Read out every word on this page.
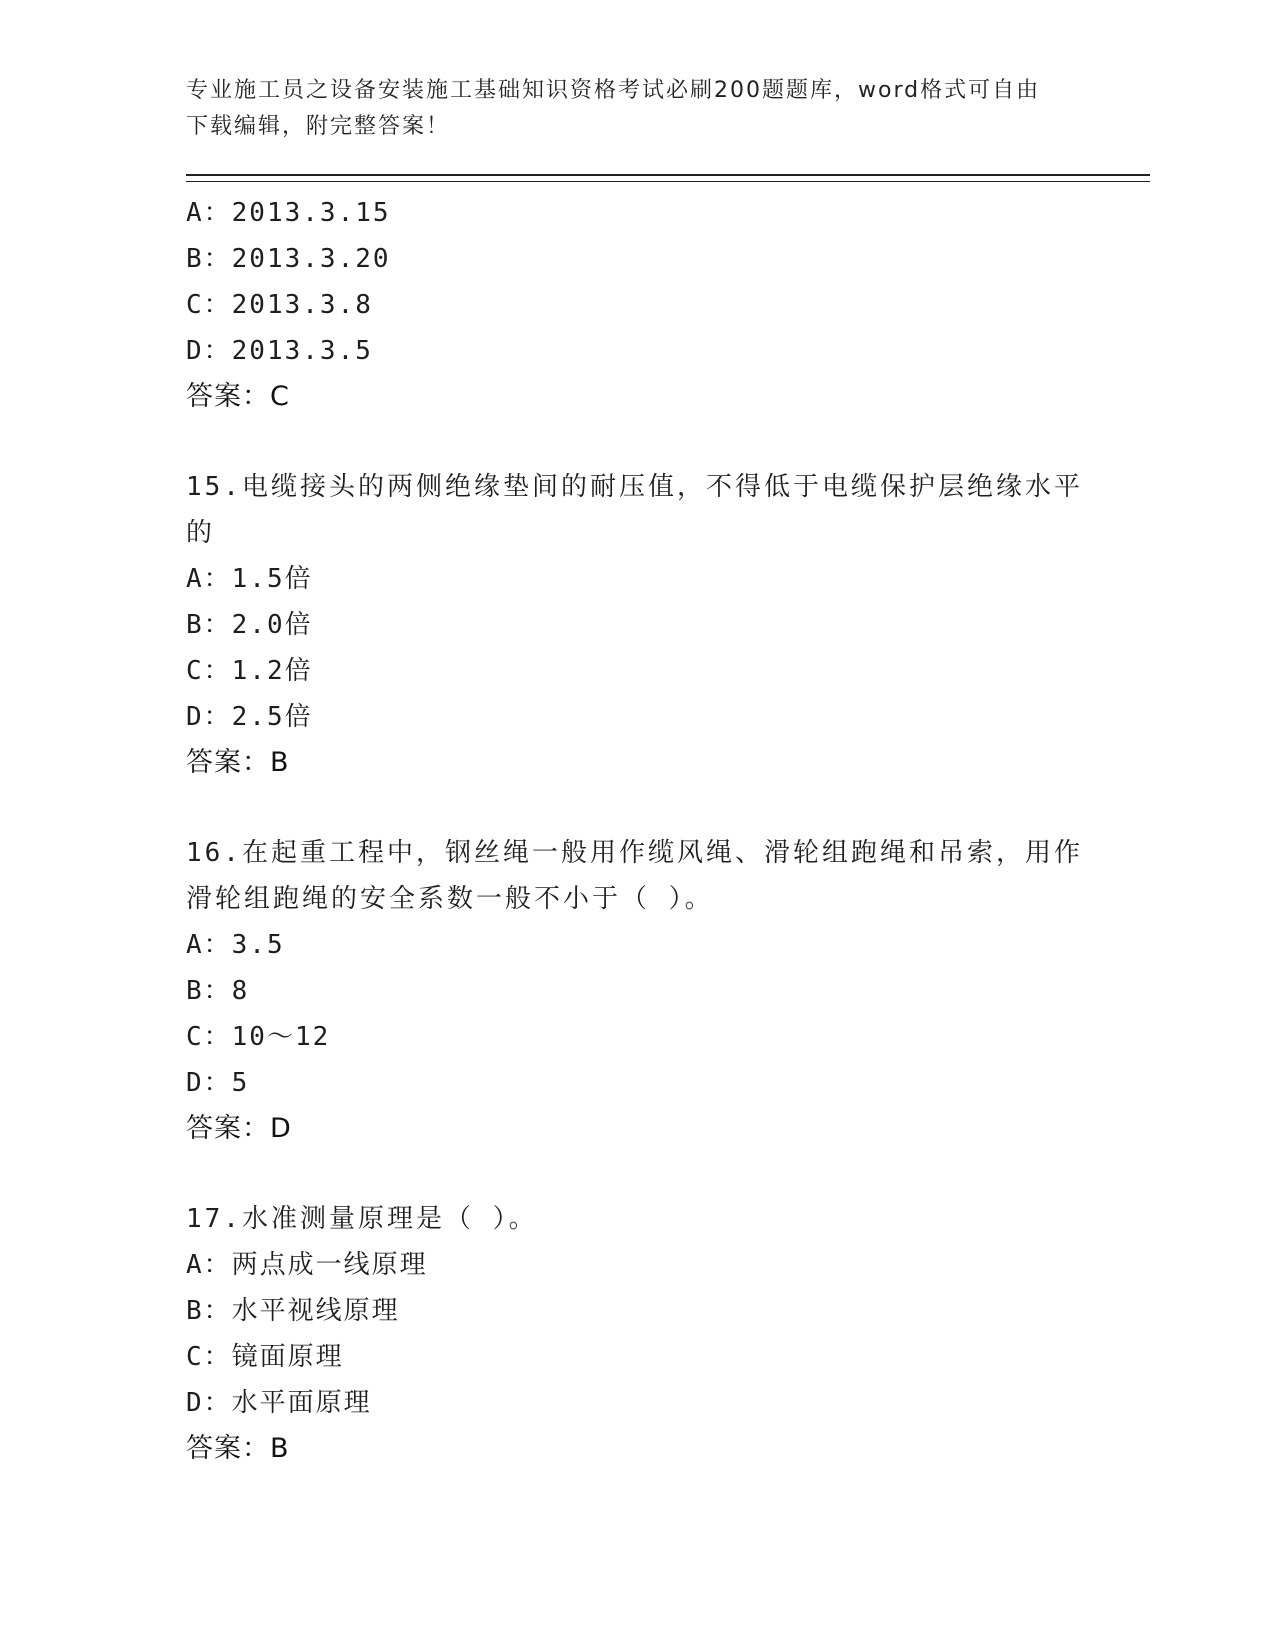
专业施工员之设备安装施工基础知识资格考试必刷200题题库，word格式可自由
下载编辑，附完整答案！
A：2013.3.15
B：2013.3.20
C：2013.3.8
D：2013.3.5
答案：C
15.电缆接头的两侧绝缘垫间的耐压值，不得低于电缆保护层绝缘水平
的
A：1.5倍
B：2.0倍
C：1.2倍
D：2.5倍
答案：B
16.在起重工程中，钢丝绳一般用作缆风绳、滑轮组跑绳和吊索，用作
滑轮组跑绳的安全系数一般不小于（ ）。
A：3.5
B：8
C：10～12
D：5
答案：D
17.水准测量原理是（ ）。
A：两点成一线原理
B：水平视线原理
C：镜面原理
D：水平面原理
答案：B
